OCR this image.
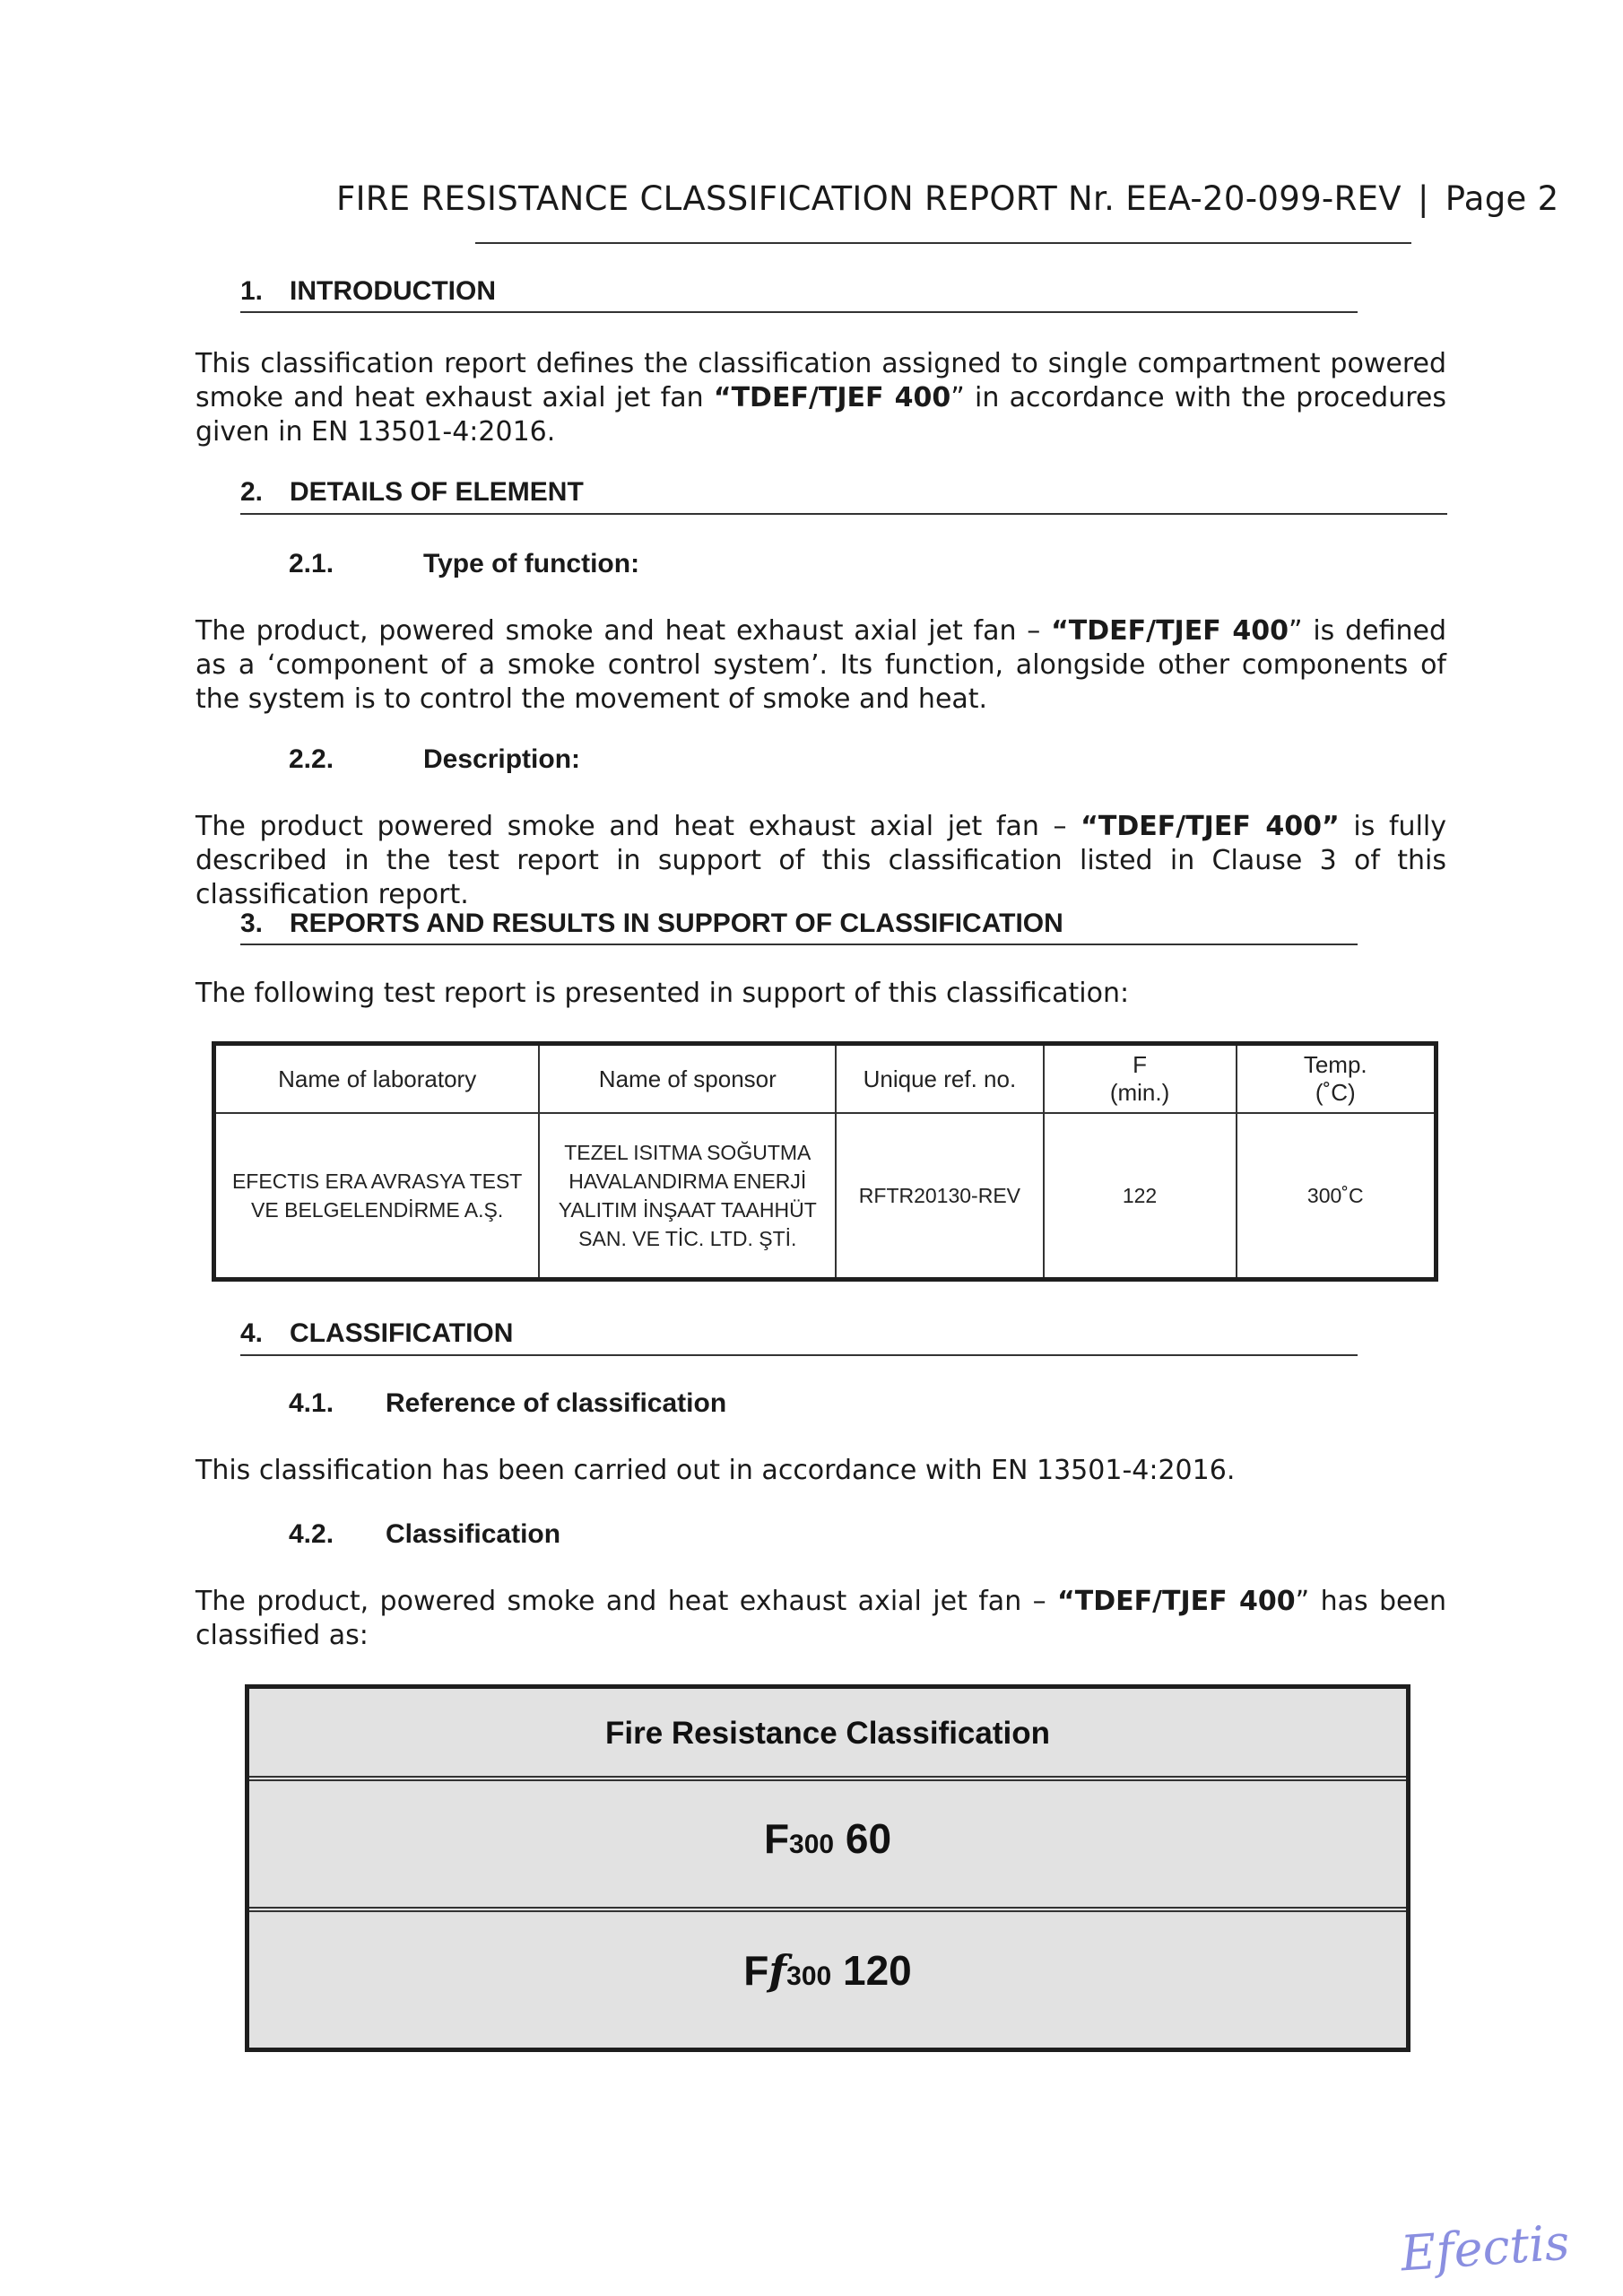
FIRE RESISTANCE CLASSIFICATION REPORT Nr. EEA-20-099-REV | Page 2
1. INTRODUCTION
This classification report defines the classification assigned to single compartment powered smoke and heat exhaust axial jet fan “TDEF/TJEF 400” in accordance with the procedures given in EN 13501-4:2016.
2. DETAILS OF ELEMENT
2.1.	Type of function:
The product, powered smoke and heat exhaust axial jet fan – “TDEF/TJEF 400” is defined as a ‘component of a smoke control system’. Its function, alongside other components of the system is to control the movement of smoke and heat.
2.2.	Description:
The product powered smoke and heat exhaust axial jet fan – “TDEF/TJEF 400” is fully described in the test report in support of this classification listed in Clause 3 of this classification report.
3. REPORTS AND RESULTS IN SUPPORT OF CLASSIFICATION
The following test report is presented in support of this classification:
Name of laboratory	Name of sponsor	Unique ref. no.	F
(min.)	Temp.
(˚C)
EFECTIS ERA AVRASYA TEST
VE BELGELENDİRME A.Ş.	TEZEL ISITMA SOĞUTMA
HAVALANDIRMA ENERJİ
YALITIM İNŞAAT TAAHHÜT
SAN. VE TİC. LTD. ŞTİ.	RFTR20130-REV	122	300˚C
4. CLASSIFICATION
4.1. Reference of classification
This classification has been carried out in accordance with EN 13501-4:2016.
4.2. Classification
The product, powered smoke and heat exhaust axial jet fan – “TDEF/TJEF 400” has been classified as:
Fire Resistance Classification
F300 60
Ff300 120
Efectis
